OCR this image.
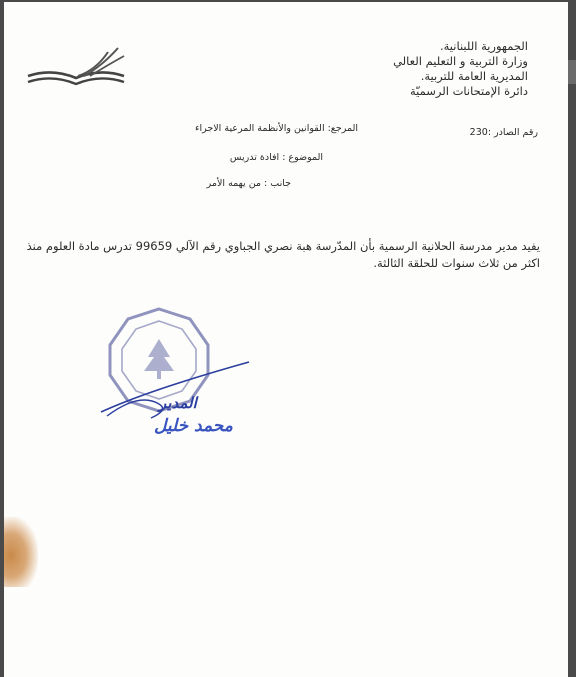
الجمهورية اللبنانية.
وزارة التربية و التعليم العالي
المديرية العامة للتربية.
دائرة الإمتحانات الرسميّة
المرجع: القوانين والأنظمة المرعية الاجراء	رقم الصادر :230
الموضوع : افادة تدريس
جانب : من يهمه الأمر
يفيد مدير مدرسة الحلانية الرسمية بأن المدّرسة هبة نصري الجباوي رقم الآلي 99659 تدرس مادة العلوم منذ اكثر من ثلاث سنوات للحلقة الثالثة.
المدير
محمد خليل
